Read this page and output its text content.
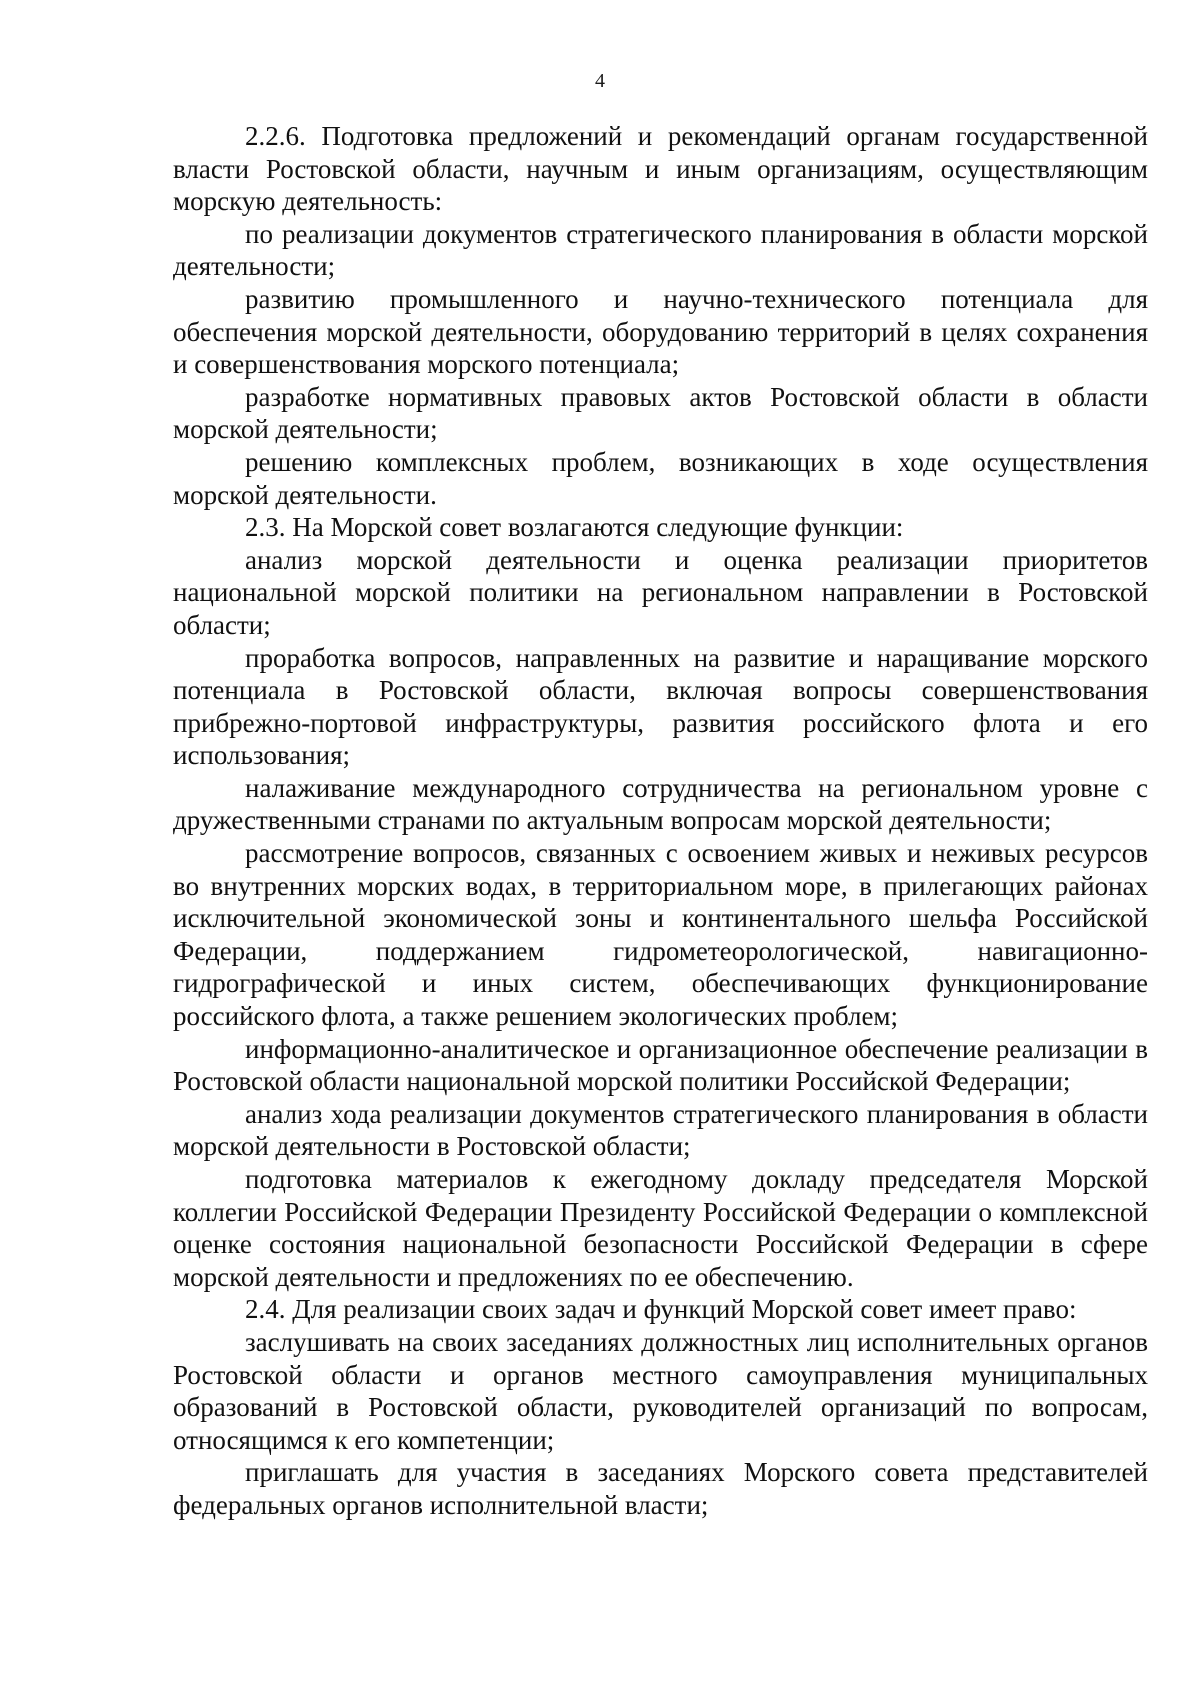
4

2.2.6. Подготовка предложений и рекомендаций органам государственной власти Ростовской области, научным и иным организациям, осуществляющим морскую деятельность:

по реализации документов стратегического планирования в области морской деятельности;

развитию промышленного и научно-технического потенциала для обеспечения морской деятельности, оборудованию территорий в целях сохранения и совершенствования морского потенциала;

разработке нормативных правовых актов Ростовской области в области морской деятельности;

решению комплексных проблем, возникающих в ходе осуществления морской деятельности.

2.3. На Морской совет возлагаются следующие функции:

анализ морской деятельности и оценка реализации приоритетов национальной морской политики на региональном направлении в Ростовской области;

проработка вопросов, направленных на развитие и наращивание морского потенциала в Ростовской области, включая вопросы совершенствования прибрежно-портовой инфраструктуры, развития российского флота и его использования;

налаживание международного сотрудничества на региональном уровне с дружественными странами по актуальным вопросам морской деятельности;

рассмотрение вопросов, связанных с освоением живых и неживых ресурсов во внутренних морских водах, в территориальном море, в прилегающих районах исключительной экономической зоны и континентального шельфа Российской Федерации, поддержанием гидрометеорологической, навигационно-гидрографической и иных систем, обеспечивающих функционирование российского флота, а также решением экологических проблем;

информационно-аналитическое и организационное обеспечение реализации в Ростовской области национальной морской политики Российской Федерации;

анализ хода реализации документов стратегического планирования в области морской деятельности в Ростовской области;

подготовка материалов к ежегодному докладу председателя Морской коллегии Российской Федерации Президенту Российской Федерации о комплексной оценке состояния национальной безопасности Российской Федерации в сфере морской деятельности и предложениях по ее обеспечению.

2.4. Для реализации своих задач и функций Морской совет имеет право:

заслушивать на своих заседаниях должностных лиц исполнительных органов Ростовской области и органов местного самоуправления муниципальных образований в Ростовской области, руководителей организаций по вопросам, относящимся к его компетенции;

приглашать для участия в заседаниях Морского совета представителей федеральных органов исполнительной власти;
